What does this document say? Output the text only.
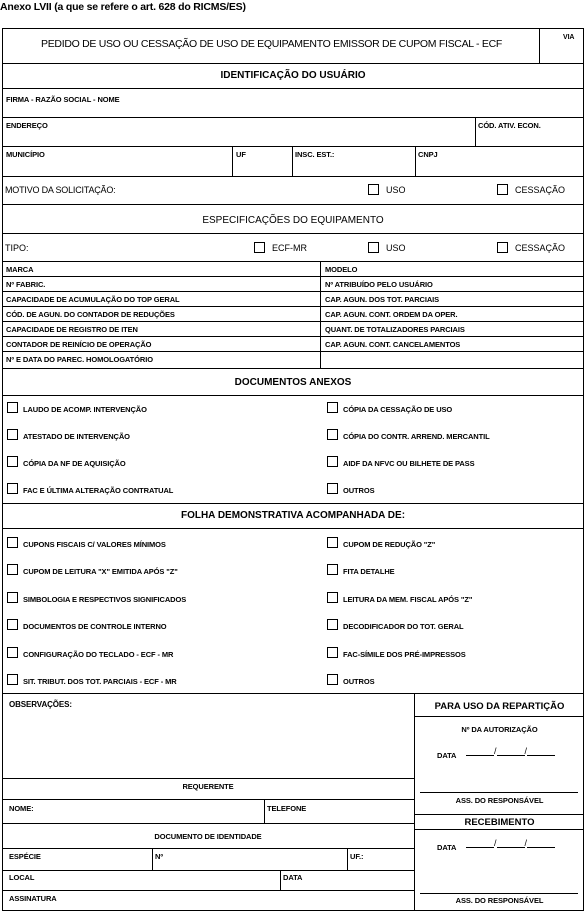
Anexo LVII (a que se refere o art. 628 do RICMS/ES)
PEDIDO DE USO OU CESSAÇÃO DE USO DE EQUIPAMENTO EMISSOR DE CUPOM FISCAL - ECF
VIA
IDENTIFICAÇÃO DO USUÁRIO
FIRMA - RAZÃO SOCIAL - NOME
ENDEREÇO	CÓD. ATIV. ECON.
MUNICÍPIO	UF	INSC. EST.:	CNPJ
MOTIVO DA SOLICITAÇÃO:	USO	CESSAÇÃO
ESPECIFICAÇÕES DO EQUIPAMENTO
TIPO:	ECF-MR	USO	CESSAÇÃO
MARCA	MODELO
Nº FABRIC.	Nº ATRIBUÍDO PELO USUÁRIO
CAPACIDADE DE ACUMULAÇÃO DO TOP GERAL	CAP. AGUN. DOS TOT. PARCIAIS
CÓD. DE AGUN. DO CONTADOR DE REDUÇÕES	CAP. AGUN. CONT. ORDEM DA OPER.
CAPACIDADE DE REGISTRO DE ITEN	QUANT. DE TOTALIZADORES PARCIAIS
CONTADOR DE REINÍCIO DE OPERAÇÃO	CAP. AGUN. CONT. CANCELAMENTOS
Nº E DATA DO PAREC. HOMOLOGATÓRIO
DOCUMENTOS ANEXOS
LAUDO DE ACOMP. INTERVENÇÃO	CÓPIA DA CESSAÇÃO DE USO
ATESTADO DE INTERVENÇÃO	CÓPIA DO CONTR. ARREND. MERCANTIL
CÓPIA DA NF DE AQUISIÇÃO	AIDF DA NFVC OU BILHETE DE PASS
FAC E ÚLTIMA ALTERAÇÃO CONTRATUAL	OUTROS
FOLHA DEMONSTRATIVA ACOMPANHADA DE:
CUPONS FISCAIS C/ VALORES MÍNIMOS	CUPOM DE REDUÇÃO "Z"
CUPOM DE LEITURA "X" EMITIDA APÓS "Z"	FITA DETALHE
SIMBOLOGIA E RESPECTIVOS SIGNIFICADOS	LEITURA DA MEM. FISCAL APÓS "Z"
DOCUMENTOS DE CONTROLE INTERNO	DECODIFICADOR DO TOT. GERAL
CONFIGURAÇÃO DO TECLADO - ECF - MR	FAC-SÍMILE DOS PRÉ-IMPRESSOS
SIT. TRIBUT. DOS TOT. PARCIAIS - ECF - MR	OUTROS
OBSERVAÇÕES:
REQUERENTE
NOME:	TELEFONE
DOCUMENTO DE IDENTIDADE
ESPÉCIE	Nº	UF.:
LOCAL	DATA
ASSINATURA
PARA USO DA REPARTIÇÃO
Nº DA AUTORIZAÇÃO
DATA	/	/
ASS. DO RESPONSÁVEL
RECEBIMENTO
DATA	/	/
ASS. DO RESPONSÁVEL
